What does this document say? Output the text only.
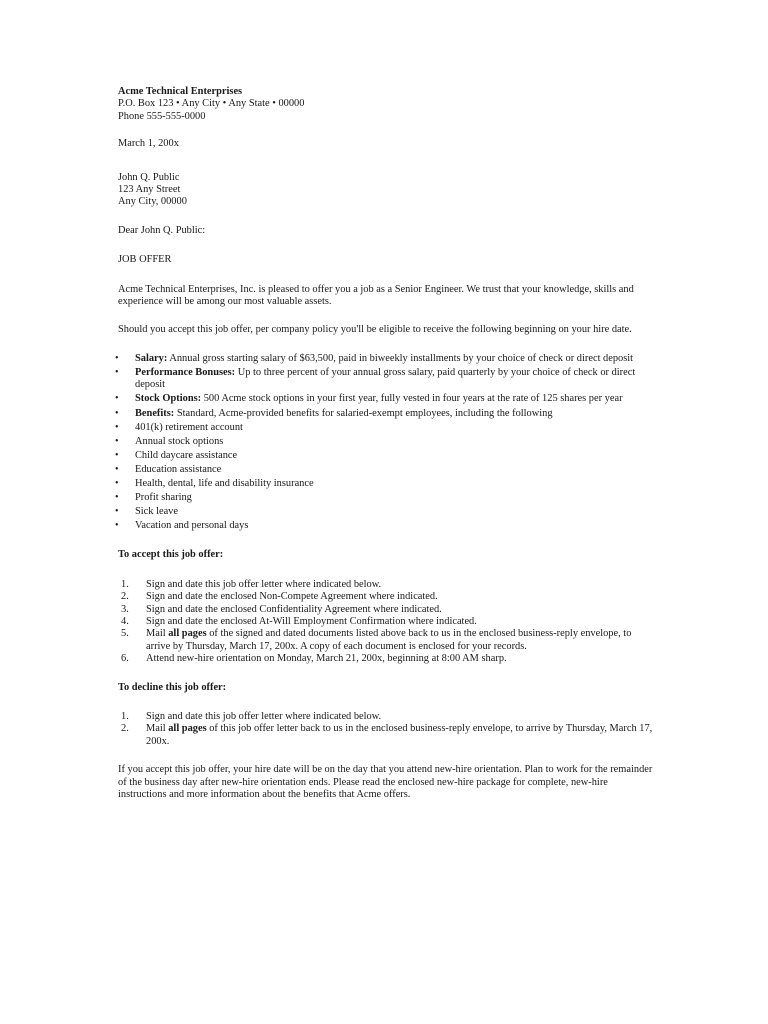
Acme Technical Enterprises

P.O. Box 123 • Any City • Any State • 00000

Phone 555-555-0000

March 1, 200x

John Q. Public

123 Any Street

Any City, 00000

Dear John Q. Public:

JOB OFFER

Acme Technical Enterprises, Inc. is pleased to offer you a job as a Senior Engineer. We trust that your knowledge, skills and experience will be among our most valuable assets.

Should you accept this job offer, per company policy you'll be eligible to receive the following beginning on your hire date.

• Salary: Annual gross starting salary of $63,500, paid in biweekly installments by your choice of check or direct deposit
• Performance Bonuses: Up to three percent of your annual gross salary, paid quarterly by your choice of check or direct deposit
• Stock Options: 500 Acme stock options in your first year, fully vested in four years at the rate of 125 shares per year
• Benefits: Standard, Acme-provided benefits for salaried-exempt employees, including the following
• 401(k) retirement account
• Annual stock options
• Child daycare assistance
• Education assistance
• Health, dental, life and disability insurance
• Profit sharing
• Sick leave
• Vacation and personal days

To accept this job offer:

1. Sign and date this job offer letter where indicated below.
2. Sign and date the enclosed Non-Compete Agreement where indicated.
3. Sign and date the enclosed Confidentiality Agreement where indicated.
4. Sign and date the enclosed At-Will Employment Confirmation where indicated.
5. Mail all pages of the signed and dated documents listed above back to us in the enclosed business-reply envelope, to arrive by Thursday, March 17, 200x. A copy of each document is enclosed for your records.
6. Attend new-hire orientation on Monday, March 21, 200x, beginning at 8:00 AM sharp.

To decline this job offer:

1. Sign and date this job offer letter where indicated below.
2. Mail all pages of this job offer letter back to us in the enclosed business-reply envelope, to arrive by Thursday, March 17, 200x.

If you accept this job offer, your hire date will be on the day that you attend new-hire orientation. Plan to work for the remainder of the business day after new-hire orientation ends. Please read the enclosed new-hire package for complete, new-hire instructions and more information about the benefits that Acme offers.
